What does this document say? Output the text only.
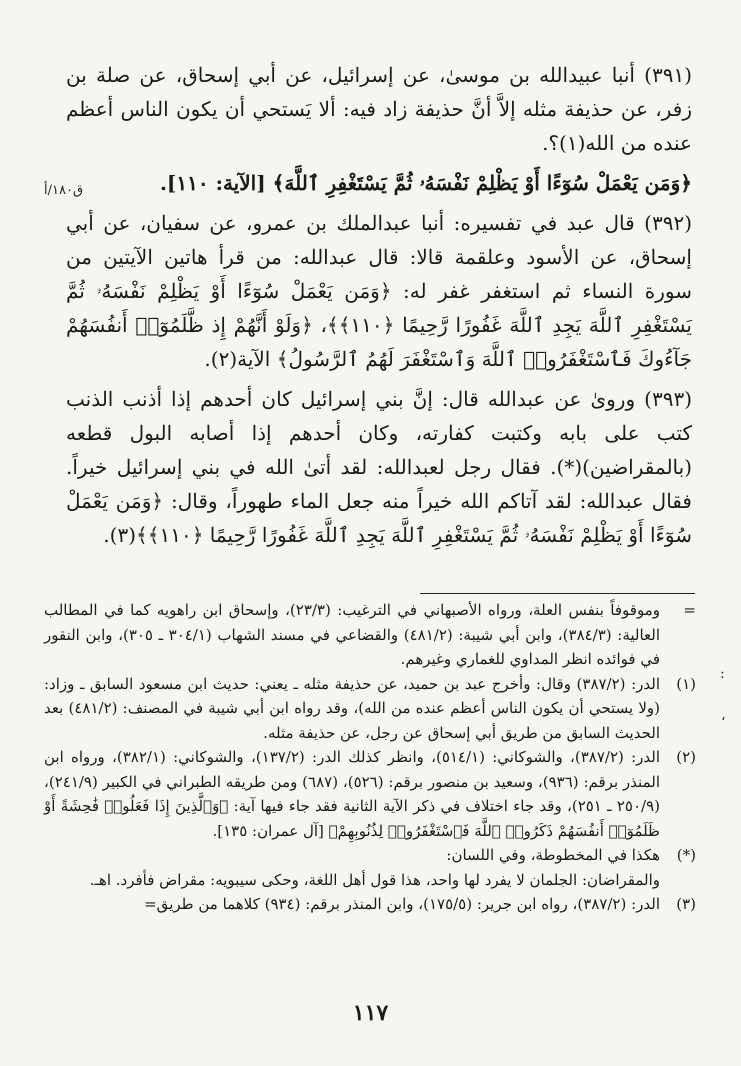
(٣٩١) أنبا عبيدالله بن موسىٰ، عن إسرائيل، عن أبي إسحاق، عن صلة بن زفر، عن حذيفة مثله إلاَّ أنَّ حذيفة زاد فيه: ألا يَستحي أن يكون الناس أعظم عنده من الله(١)؟.

﴿وَمَن يَعْمَلْ سُوٓءًا أَوْ يَظْلِمْ نَفْسَهُۥ ثُمَّ يَسْتَغْفِرِ ٱللَّهَ﴾ [الآية: ١١٠].

(٣٩٢) قال عبد في تفسيره: أنبا عبدالملك بن عمرو، عن سفيان، عن أبي إسحاق، عن الأسود وعلقمة قالا: قال عبدالله: من قرأ هاتين الآيتين من سورة النساء ثم استغفر غفر له: ﴿وَمَن يَعْمَلْ سُوٓءًا أَوْ يَظْلِمْ نَفْسَهُۥ ثُمَّ يَسْتَغْفِرِ ٱللَّهَ يَجِدِ ٱللَّهَ غَفُورًا رَّحِيمًا ﴿١١٠﴾﴾، ﴿وَلَوْ أَنَّهُمْ إِذ ظَّلَمُوٓا۟ أَنفُسَهُمْ جَآءُوكَ فَٱسْتَغْفَرُوا۟ ٱللَّهَ وَٱسْتَغْفَرَ لَهُمُ ٱلرَّسُولُ﴾ الآية(٢).

(٣٩٣) وروىٰ عن عبدالله قال: إنَّ بني إسرائيل كان أحدهم إذا أذنب الذنب كتب على بابه وكتبت كفارته، وكان أحدهم إذا أصابه البول قطعه (بالمقراضين)(*). فقال رجل لعبدالله: لقد أتىٰ الله في بني إسرائيل خيراً. فقال عبدالله: لقد آتاكم الله خيراً منه جعل الماء طهوراً، وقال: ﴿وَمَن يَعْمَلْ سُوٓءًا أَوْ يَظْلِمْ نَفْسَهُۥ ثُمَّ يَسْتَغْفِرِ ٱللَّهَ يَجِدِ ٱللَّهَ غَفُورًا رَّحِيمًا ﴿١١٠﴾﴾(٣).

ق١٨٠/أ
=
وموقوفاً بنفس العلة، ورواه الأصبهاني في الترغيب: (٢٣/٣)، وإسحاق ابن راهويه كما في المطالب العالية: (٣٨٤/٣)، وابن أبي شيبة: (٤٨١/٢) والقضاعي في مسند الشهاب (٣٠٤/١ ـ ٣٠٥)، وابن النقور في فوائده انظر المداوي للغماري وغيرهم.
(١)
الدر: (٣٨٧/٢) وقال: وأخرج عبد بن حميد، عن حذيفة مثله ـ يعني: حديث ابن مسعود السابق ـ وزاد: (ولا يستحي أن يكون الناس أعظم عنده من الله)، وقد رواه ابن أبي شيبة في المصنف: (٤٨١/٢) بعد الحديث السابق من طريق أبي إسحاق عن رجل، عن حذيفة مثله.
(٢)
الدر: (٣٨٧/٢)، والشوكاني: (٥١٤/١)، وانظر كذلك الدر: (١٣٧/٢)، والشوكاني: (٣٨٢/١)، ورواه ابن المنذر برقم: (٩٣٦)، وسعيد بن منصور برقم: (٥٢٦)، (٦٨٧) ومن طريقه الطبراني في الكبير (٢٤١/٩)، (٢٥٠/٩ ـ ٢٥١)، وقد جاء اختلاف في ذكر الآية الثانية فقد جاء فيها آية: ﴿وَٱلَّذِينَ إِذَا فَعَلُوا۟ فَٰحِشَةً أَوْ ظَلَمُوٓا۟ أَنفُسَهُمْ ذَكَرُوا۟ ٱللَّهَ فَٱسْتَغْفَرُوا۟ لِذُنُوبِهِمْ﴾ [آل عمران: ١٣٥].
(*)
هكذا في المخطوطة، وفي اللسان:
والمقراضان: الجلمان لا يفرد لها واحد، هذا قول أهل اللغة، وحكى سيبويه: مقراض فأفرد. اهـ.
(٣)
الدر: (٣٨٧/٢)، رواه ابن جرير: (١٧٥/٥)، وابن المنذر برقم: (٩٣٤) كلاهما من طريق=
:
،
١١٧
